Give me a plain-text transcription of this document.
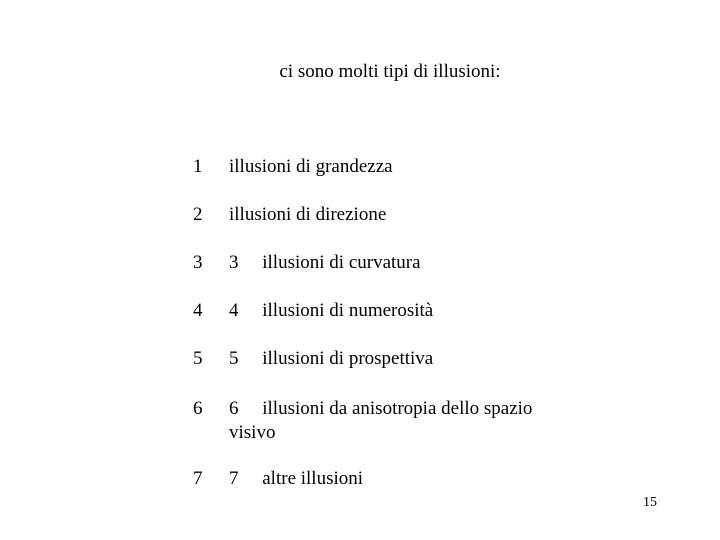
ci sono molti tipi di illusioni:
1 illusioni di grandezza
2 illusioni di direzione
3 3     illusioni di curvatura
4 4     illusioni di numerosità
5 5     illusioni di prospettiva
6 6     illusioni da anisotropia dello spazio visivo
7 7     altre illusioni
15
